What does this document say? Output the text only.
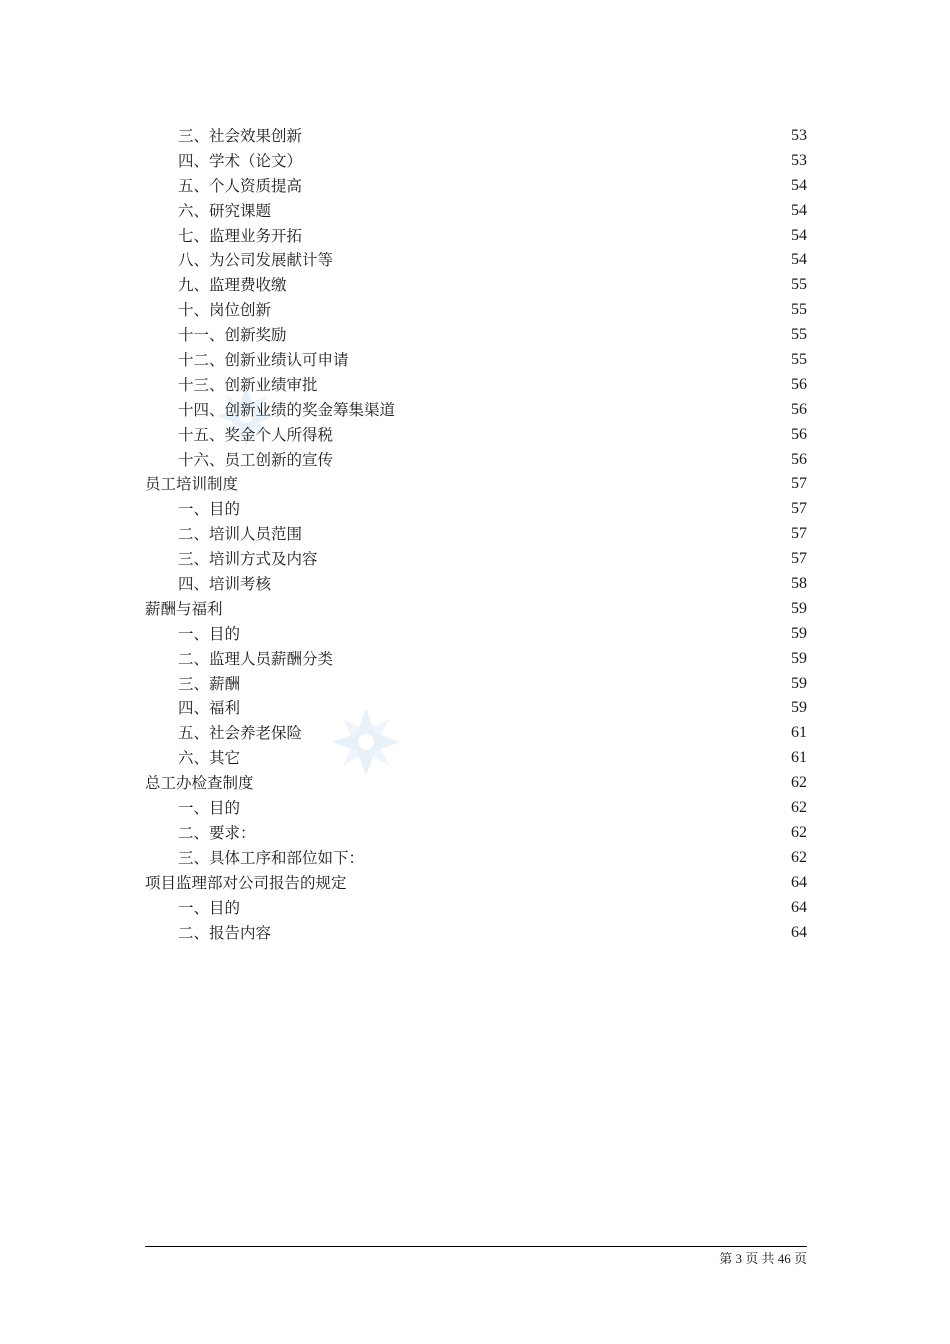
三、社会效果创新	53
四、学术（论文）	53
五、个人资质提高	54
六、研究课题	54
七、监理业务开拓	54
八、为公司发展献计等	54
九、监理费收缴	55
十、岗位创新	55
十一、创新奖励	55
十二、创新业绩认可申请	55
十三、创新业绩审批	56
十四、创新业绩的奖金筹集渠道	56
十五、奖金个人所得税	56
十六、员工创新的宣传	56
员工培训制度	57
一、目的	57
二、培训人员范围	57
三、培训方式及内容	57
四、培训考核	58
薪酬与福利	59
一、目的	59
二、监理人员薪酬分类	59
三、薪酬	59
四、福利	59
五、社会养老保险	61
六、其它	61
总工办检查制度	62
一、目的	62
二、要求：	62
三、具体工序和部位如下：	62
项目监理部对公司报告的规定	64
一、目的	64
二、报告内容	64
第 3 页 共 46 页
